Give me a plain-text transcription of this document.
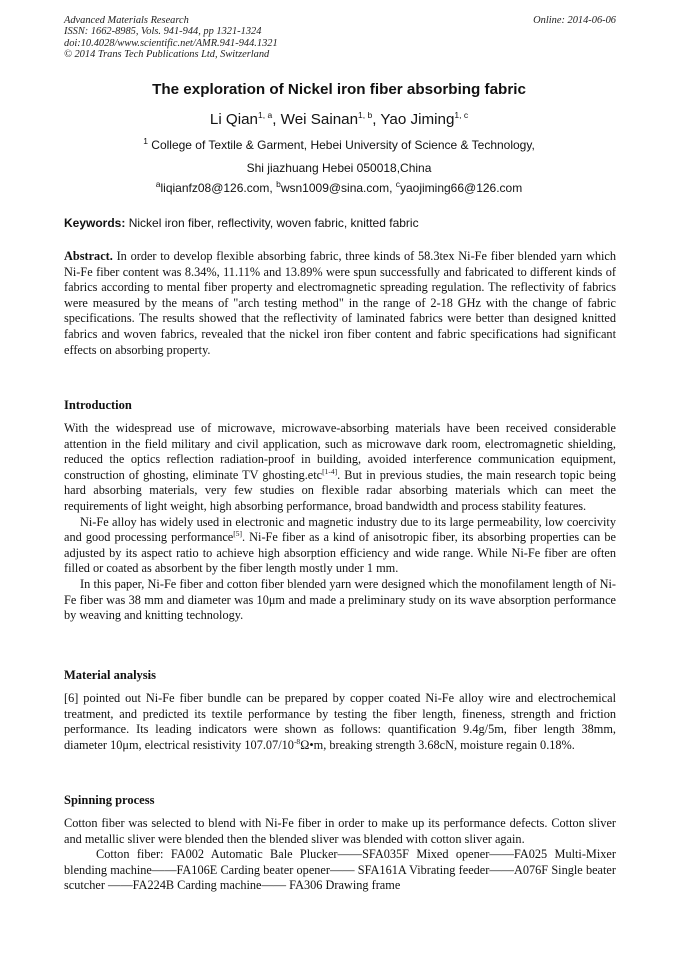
Advanced Materials Research
ISSN: 1662-8985, Vols. 941-944, pp 1321-1324
doi:10.4028/www.scientific.net/AMR.941-944.1321
© 2014 Trans Tech Publications Ltd, Switzerland
Online: 2014-06-06
The exploration of Nickel iron fiber absorbing fabric
Li Qian$^{1, a}$, Wei Sainan$^{1, b}$, Yao Jiming$^{1, c}$
$^1$ College of Textile & Garment, Hebei University of Science & Technology,
Shi jiazhuang Hebei 050018,China
$^a$liqianfz08@126.com, $^b$wsn1009@sina.com, $^c$yaojiming66@126.com
Keywords: Nickel iron fiber, reflectivity, woven fabric, knitted fabric

Abstract. In order to develop flexible absorbing fabric, three kinds of 58.3tex Ni-Fe fiber blended yarn which Ni-Fe fiber content was 8.34%, 11.11% and 13.89% were spun successfully and fabricated to different kinds of fabrics according to mental fiber property and electromagnetic spreading regulation. The reflectivity of fabrics were measured by the means of "arch testing method" in the range of 2-18 GHz with the change of fabric specifications. The results showed that the reflectivity of laminated fabrics were better than designed knitted fabrics and woven fabrics, revealed that the nickel iron fiber content and fabric specifications had significant effects on absorbing property.

Introduction

With the widespread use of microwave, microwave-absorbing materials have been received considerable attention in the field military and civil application, such as microwave dark room, electromagnetic shielding, reduced the optics reflection radiation-proof in building, avoided interference communication equipment, construction of ghosting, eliminate TV ghosting.etc[1-4]. But in previous studies, the main research topic being hard absorbing materials, very few studies on flexible radar absorbing materials which can meet the requirements of light weight, high absorbing performance, broad bandwidth and process stability features.

Ni-Fe alloy has widely used in electronic and magnetic industry due to its large permeability, low coercivity and good processing performance[5]. Ni-Fe fiber as a kind of anisotropic fiber, its absorbing properties can be adjusted by its aspect ratio to achieve high absorption efficiency and wide range. While Ni-Fe fiber are often filled or coated as absorbent by the fiber length mostly under 1 mm.

In this paper, Ni-Fe fiber and cotton fiber blended yarn were designed which the monofilament length of Ni-Fe fiber was 38 mm and diameter was 10μm and made a preliminary study on its wave absorption performance by weaving and knitting technology.

Material analysis

[6] pointed out Ni-Fe fiber bundle can be prepared by copper coated Ni-Fe alloy wire and electrochemical treatment, and predicted its textile performance by testing the fiber length, fineness, strength and friction performance. Its leading indicators were shown as follows: quantification 9.4g/5m, fiber length 38mm, diameter 10μm, electrical resistivity 107.07/10$^{-8}$Ω•m, breaking strength 3.68cN, moisture regain 0.18%.

Spinning process

Cotton fiber was selected to blend with Ni-Fe fiber in order to make up its performance defects. Cotton sliver and metallic sliver were blended then the blended sliver was blended with cotton sliver again.

Cotton fiber: FA002 Automatic Bale Plucker——SFA035F Mixed opener——FA025 Multi-Mixer blending machine——FA106E Carding beater opener—— SFA161A Vibrating feeder——A076F Single beater scutcher ——FA224B Carding machine—— FA306 Drawing frame
